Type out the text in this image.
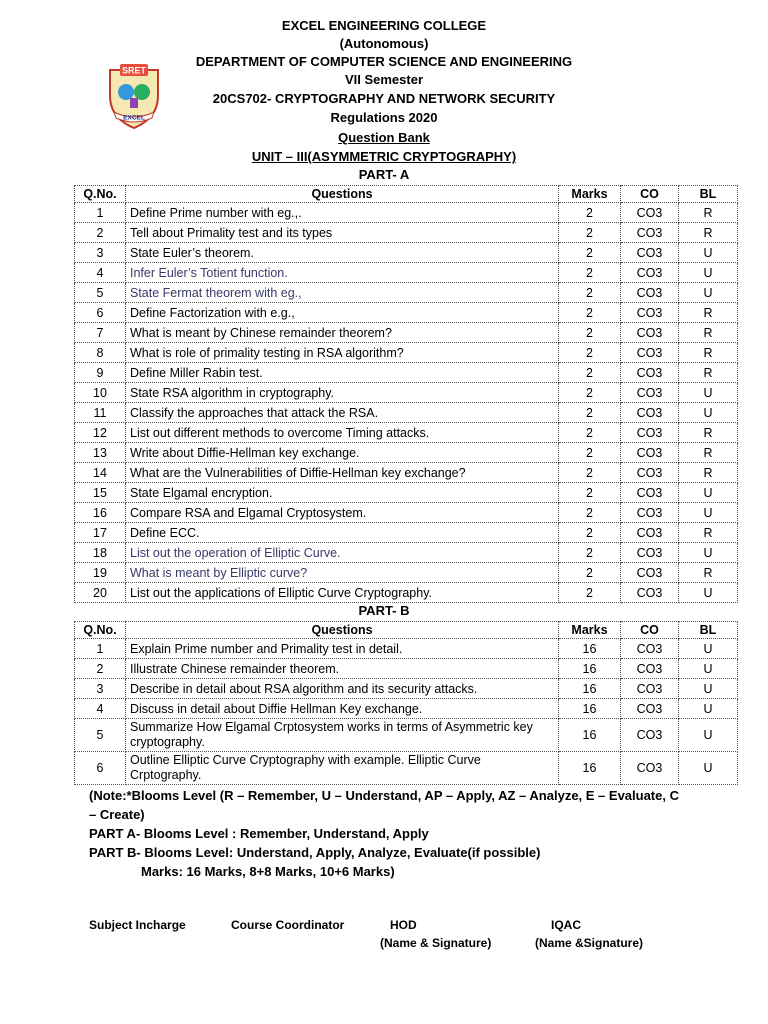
EXCEL ENGINEERING COLLEGE
(Autonomous)
DEPARTMENT OF COMPUTER SCIENCE AND ENGINEERING
VII Semester
20CS702- CRYPTOGRAPHY AND NETWORK SECURITY
Regulations 2020
Question Bank
UNIT – III(ASYMMETRIC CRYPTOGRAPHY)
PART- A
SRET
EXCEL
Q.No.	Questions	Marks	CO	BL
1	Define Prime number with eg.,.	2	CO3	R
2	Tell about Primality test and its types	2	CO3	R
3	State Euler’s theorem.	2	CO3	U
4	Infer Euler’s Totient function.	2	CO3	U
5	State Fermat theorem with eg.,	2	CO3	U
6	Define Factorization with e.g.,	2	CO3	R
7	What is meant by Chinese remainder theorem?	2	CO3	R
8	What is role of primality testing in RSA algorithm?	2	CO3	R
9	Define Miller Rabin test.	2	CO3	R
10	State RSA algorithm in cryptography.	2	CO3	U
11	Classify the approaches that attack the RSA.	2	CO3	U
12	List out different methods to overcome Timing attacks.	2	CO3	R
13	Write about Diffie-Hellman key exchange.	2	CO3	R
14	What are the Vulnerabilities of Diffie-Hellman key exchange?	2	CO3	R
15	State Elgamal encryption.	2	CO3	U
16	Compare RSA and Elgamal Cryptosystem.	2	CO3	U
17	Define ECC.	2	CO3	R
18	List out the operation of Elliptic Curve.	2	CO3	U
19	What is meant by Elliptic curve?	2	CO3	R
20	List out the applications of Elliptic Curve Cryptography.	2	CO3	U
PART- B
Q.No.	Questions	Marks	CO	BL
1	Explain Prime number and Primality test in detail.	16	CO3	U
2	Illustrate Chinese remainder theorem.	16	CO3	U
3	Describe in detail about RSA algorithm and its security attacks.	16	CO3	U
4	Discuss in detail about Diffie Hellman Key exchange.	16	CO3	U
5	Summarize How Elgamal Crptosystem works in terms of Asymmetric key cryptography.	16	CO3	U
6	Outline Elliptic Curve Cryptography with example. Elliptic Curve Crptography.	16	CO3	U

(Note:*Blooms Level (R – Remember, U – Understand, AP – Apply, AZ – Analyze, E – Evaluate, C – Create)

PART A- Blooms Level : Remember, Understand, Apply

PART B- Blooms Level: Understand, Apply, Analyze, Evaluate(if possible)

Marks: 16 Marks, 8+8 Marks, 10+6 Marks)

Subject Incharge	Course Coordinator	HOD
(Name & Signature)
IQAC
(Name &Signature)
